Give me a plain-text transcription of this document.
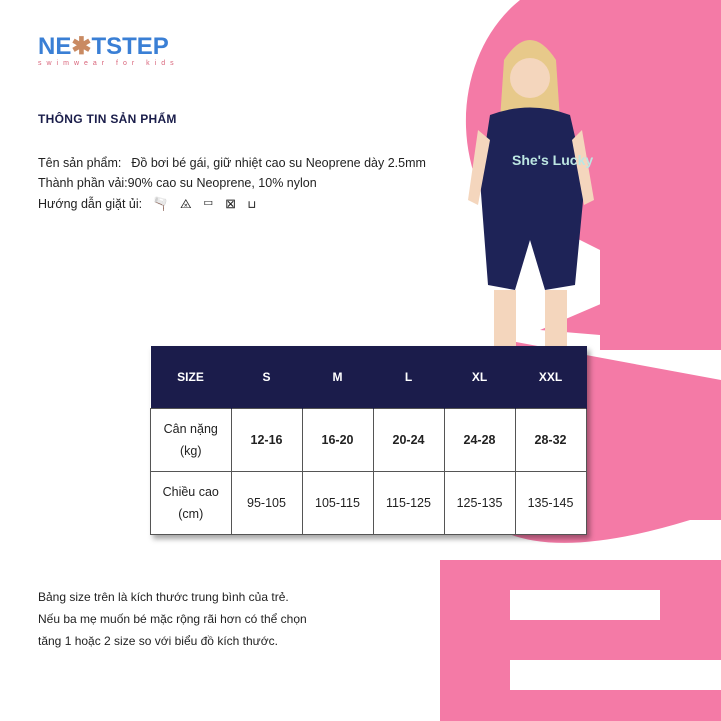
She's Lucky
NE✱TSTEP
swimwear for kids
THÔNG TIN SẢN PHẨM
Tên sản phẩm: Đồ bơi bé gái, giữ nhiệt cao su Neoprene dày 2.5mm
Thành phần vải:90% cao su Neoprene, 10% nylon
Hướng dẫn giặt ủi: 🫗 ⨻ ▭ ⊠ ⊔
SIZE	S	M	L	XL	XXL
Cân nặng
(kg)	12-16	16-20	20-24	24-28	28-32
Chiều cao
(cm)	95-105	105-115	115-125	125-135	135-145
Bảng size trên là kích thước trung bình của trẻ.
Nếu ba mẹ muốn bé mặc rộng rãi hơn có thể chọn
tăng 1 hoặc 2 size so với biểu đồ kích thước.
